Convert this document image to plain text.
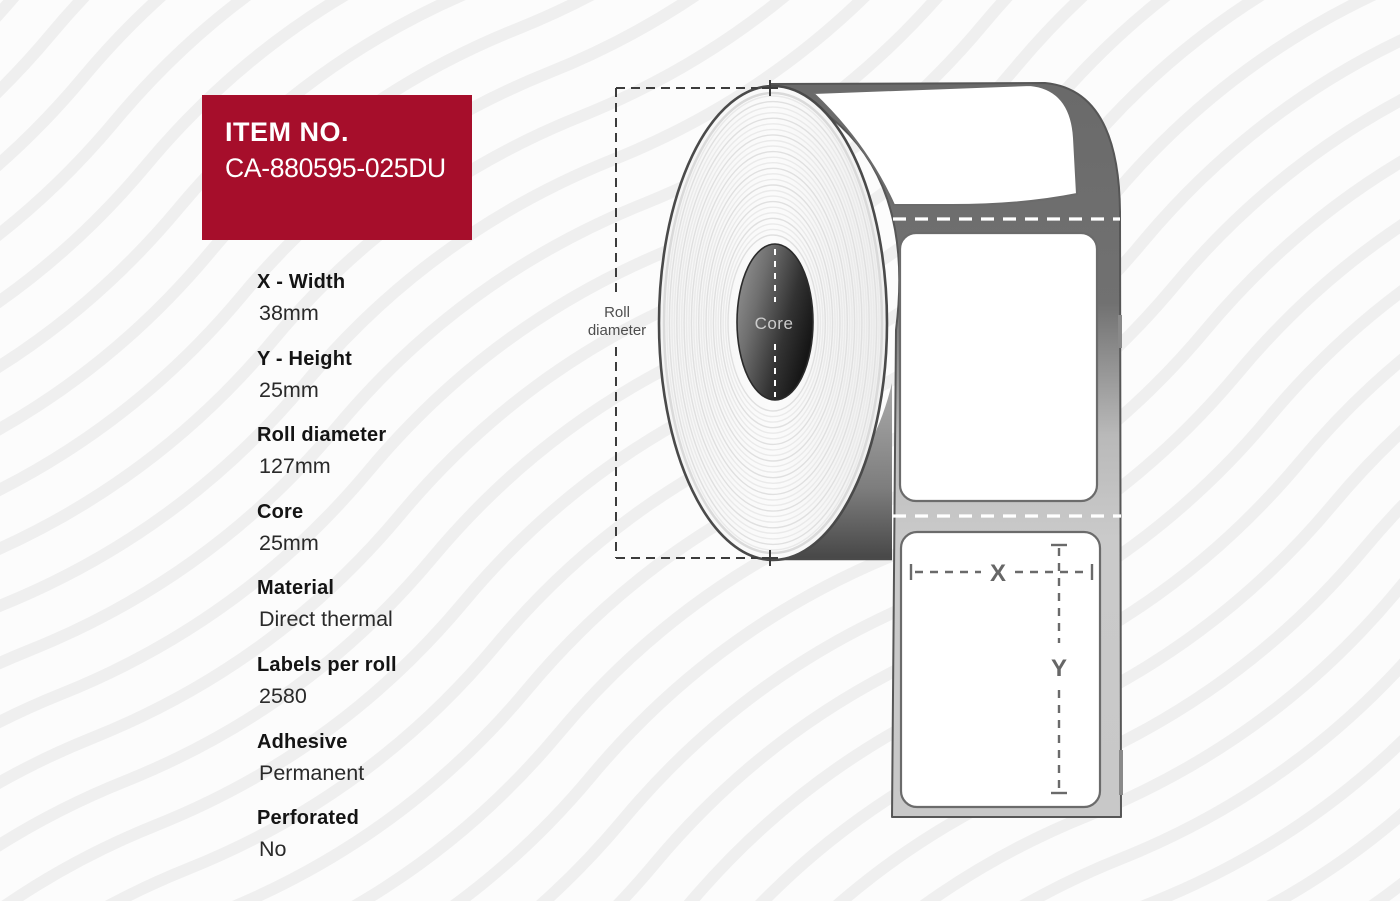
X
Y
Core
Roll
diameter
ITEM NO.
CA-880595-025DU
X - Width
38mm
Y - Height
25mm
Roll diameter
127mm
Core
25mm
Material
Direct thermal
Labels per roll
2580
Adhesive
Permanent
Perforated
No
